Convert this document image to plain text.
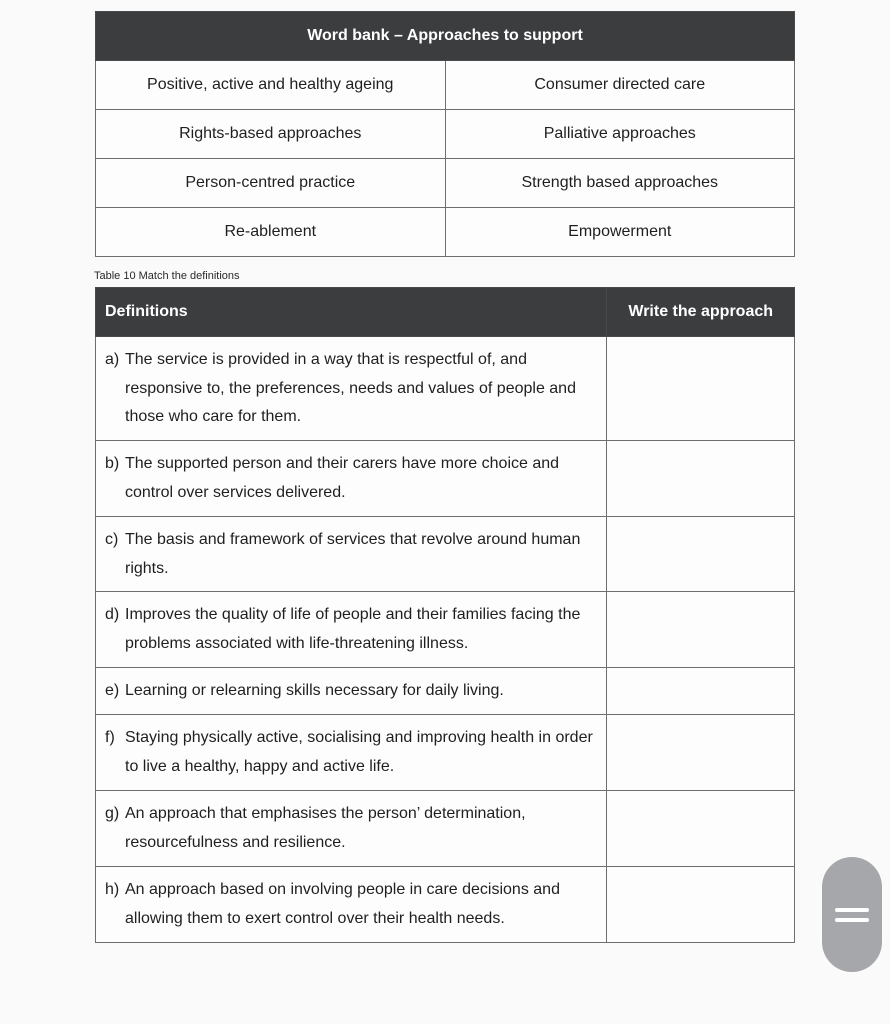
Word bank – Approaches to support	
Positive, active and healthy ageing	Consumer directed care
Rights-based approaches	Palliative approaches
Person-centred practice	Strength based approaches
Re-ablement	Empowerment
Table 10 Match the definitions
Definitions	Write the approach

a) The service is provided in a way that is respectful of, and responsive to, the preferences, needs and values of people and those who care for them.	

b) The supported person and their carers have more choice and control over services delivered.	

c) The basis and framework of services that revolve around human rights.	

d) Improves the quality of life of people and their families facing the problems associated with life-threatening illness.	

e) Learning or relearning skills necessary for daily living.	

f) Staying physically active, socialising and improving health in order to live a healthy, happy and active life.	

g) An approach that emphasises the person’ determination, resourcefulness and resilience.	

h) An approach based on involving people in care decisions and allowing them to exert control over their health needs.	
